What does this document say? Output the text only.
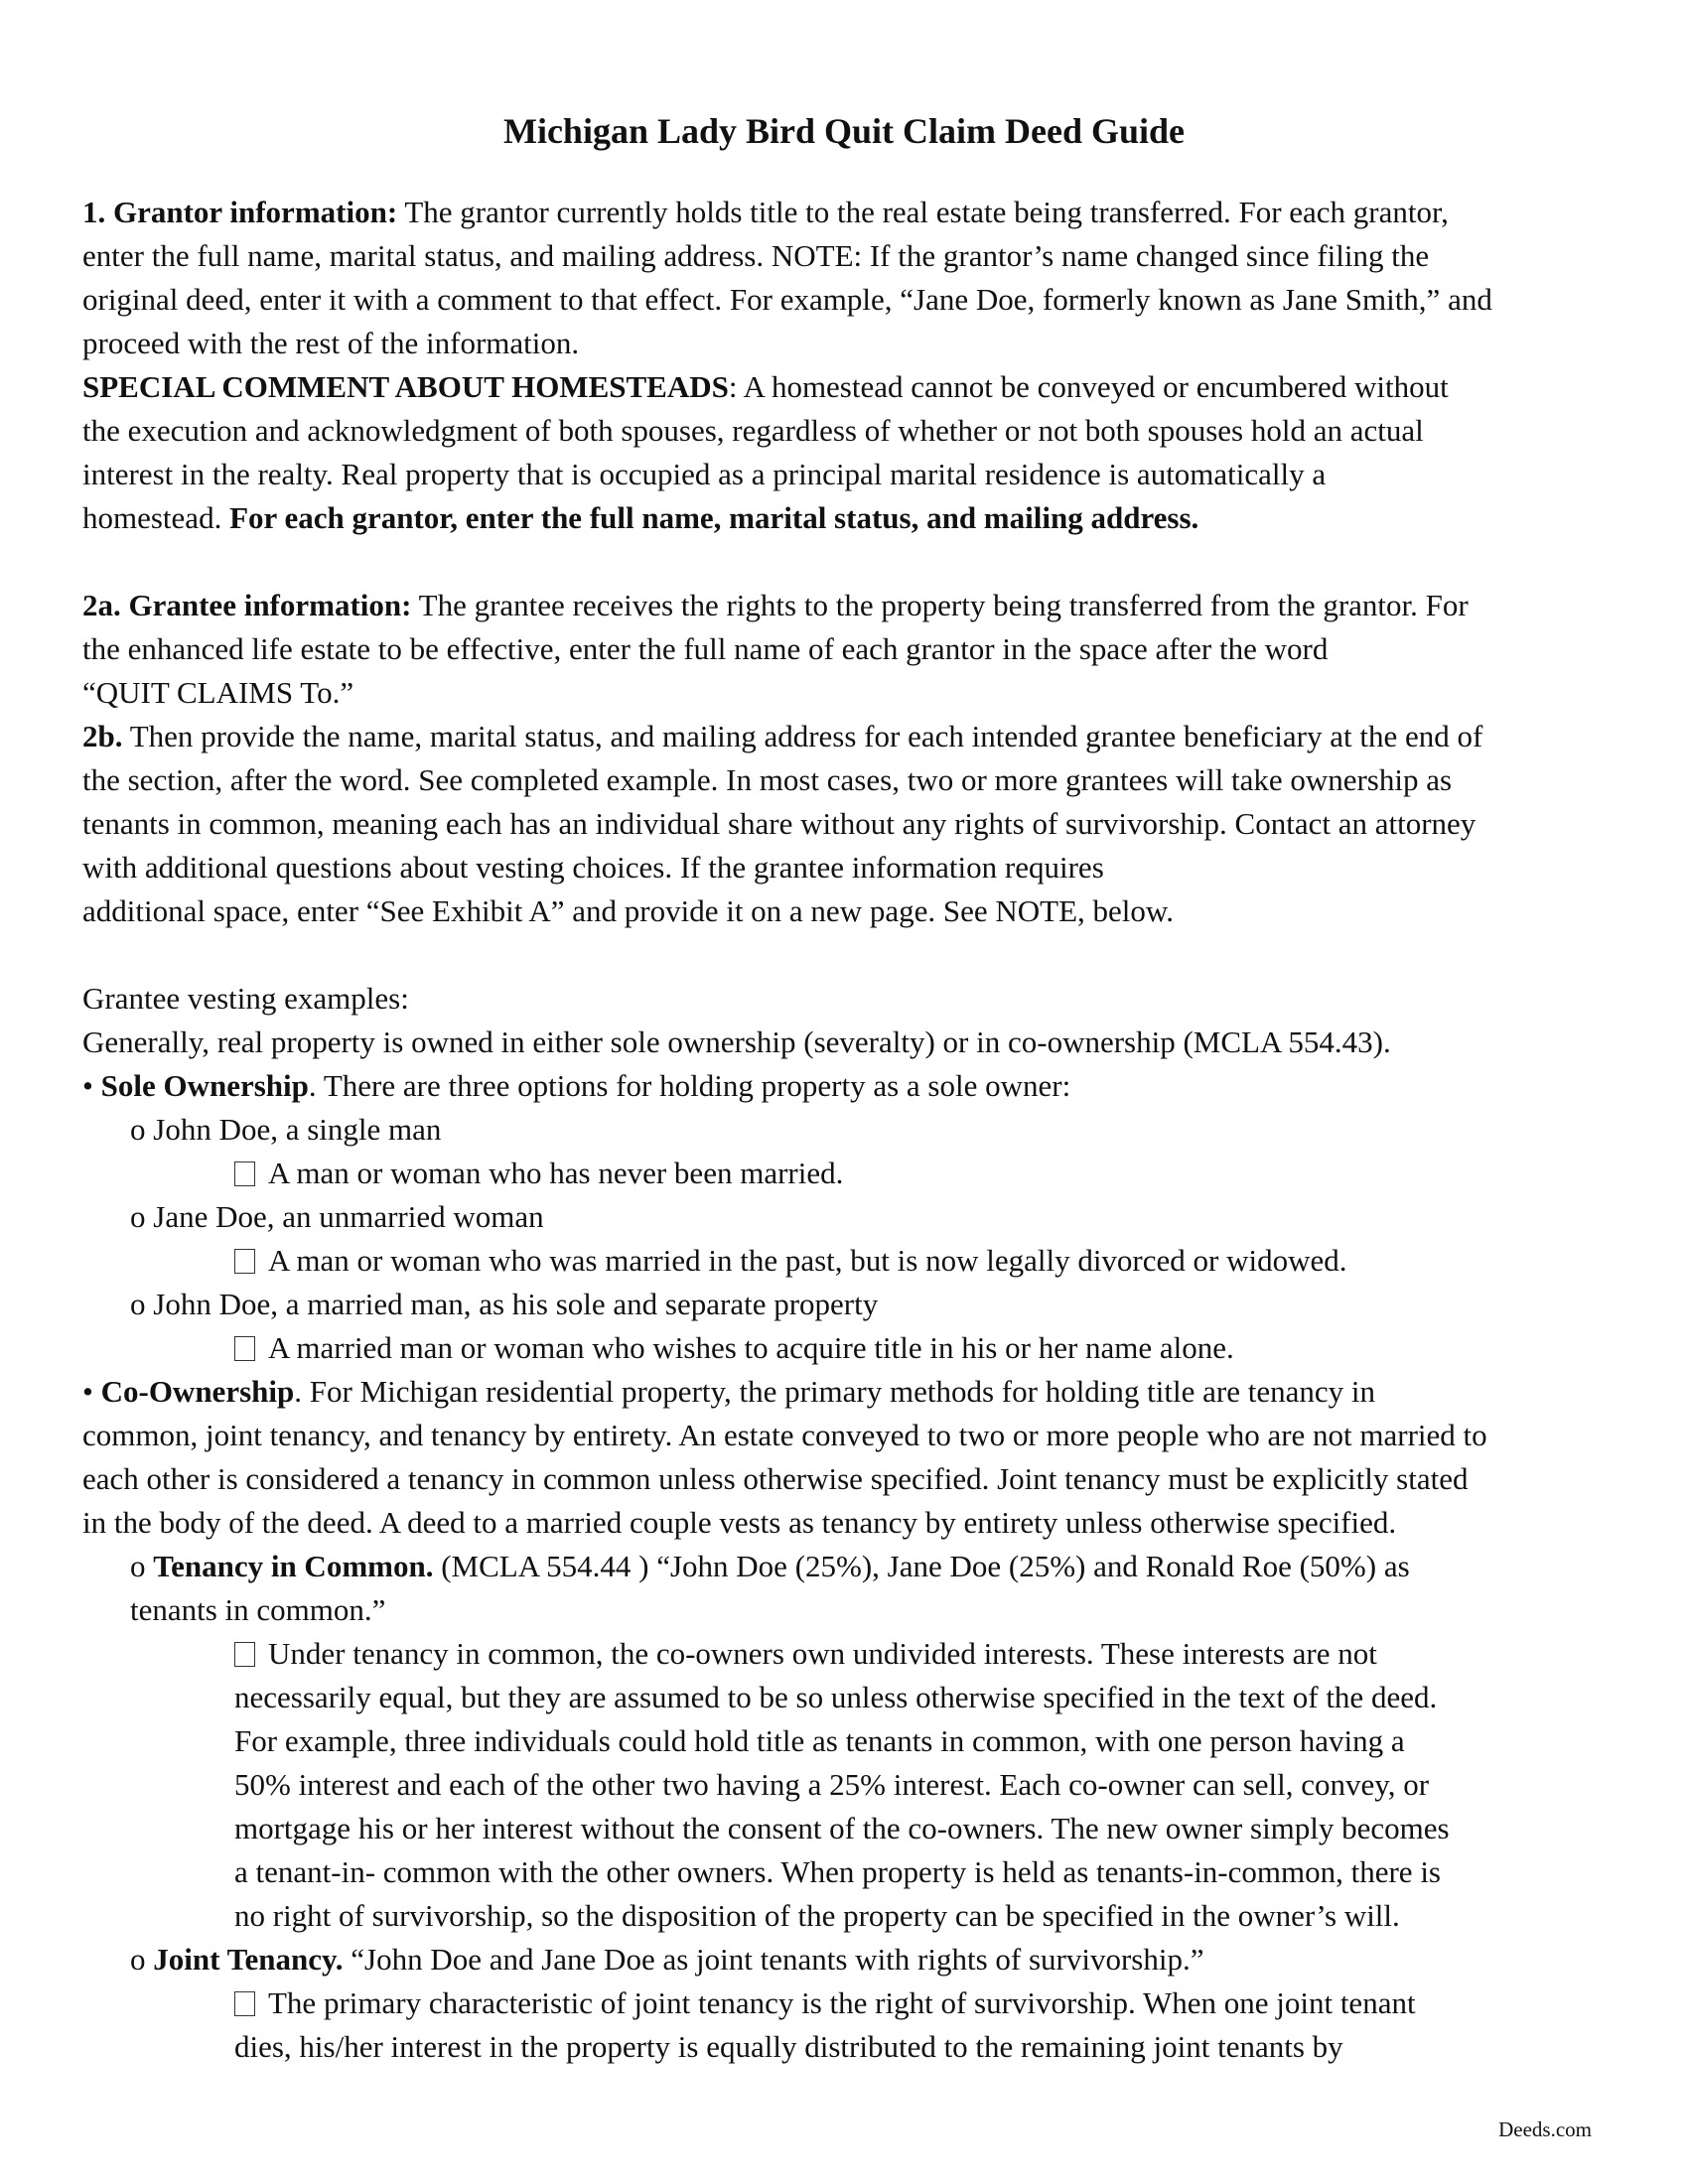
Michigan Lady Bird Quit Claim Deed Guide
1. Grantor information: The grantor currently holds title to the real estate being transferred. For each grantor,
enter the full name, marital status, and mailing address. NOTE: If the grantor’s name changed since filing the
original deed, enter it with a comment to that effect. For example, “Jane Doe, formerly known as Jane Smith,” and
proceed with the rest of the information.
SPECIAL COMMENT ABOUT HOMESTEADS: A homestead cannot be conveyed or encumbered without
the execution and acknowledgment of both spouses, regardless of whether or not both spouses hold an actual
interest in the realty. Real property that is occupied as a principal marital residence is automatically a
homestead. For each grantor, enter the full name, marital status, and mailing address.
2a. Grantee information: The grantee receives the rights to the property being transferred from the grantor. For
the enhanced life estate to be effective, enter the full name of each grantor in the space after the word
“QUIT CLAIMS To.”
2b. Then provide the name, marital status, and mailing address for each intended grantee beneficiary at the end of
the section, after the word. See completed example. In most cases, two or more grantees will take ownership as
tenants in common, meaning each has an individual share without any rights of survivorship. Contact an attorney
with additional questions about vesting choices. If the grantee information requires
additional space, enter “See Exhibit A” and provide it on a new page. See NOTE, below.
Grantee vesting examples:
Generally, real property is owned in either sole ownership (severalty) or in co-ownership (MCLA 554.43).
• Sole Ownership. There are three options for holding property as a sole owner:
o John Doe, a single man
A man or woman who has never been married.
o Jane Doe, an unmarried woman
A man or woman who was married in the past, but is now legally divorced or widowed.
o John Doe, a married man, as his sole and separate property
A married man or woman who wishes to acquire title in his or her name alone.
• Co-Ownership. For Michigan residential property, the primary methods for holding title are tenancy in
common, joint tenancy, and tenancy by entirety. An estate conveyed to two or more people who are not married to
each other is considered a tenancy in common unless otherwise specified. Joint tenancy must be explicitly stated
in the body of the deed. A deed to a married couple vests as tenancy by entirety unless otherwise specified.
o Tenancy in Common. (MCLA 554.44 ) “John Doe (25%), Jane Doe (25%) and Ronald Roe (50%) as
tenants in common.”
Under tenancy in common, the co-owners own undivided interests. These interests are not
necessarily equal, but they are assumed to be so unless otherwise specified in the text of the deed.
For example, three individuals could hold title as tenants in common, with one person having a
50% interest and each of the other two having a 25% interest. Each co-owner can sell, convey, or
mortgage his or her interest without the consent of the co-owners. The new owner simply becomes
a tenant-in- common with the other owners. When property is held as tenants-in-common, there is
no right of survivorship, so the disposition of the property can be specified in the owner’s will.
o Joint Tenancy. “John Doe and Jane Doe as joint tenants with rights of survivorship.”
The primary characteristic of joint tenancy is the right of survivorship. When one joint tenant
dies, his/her interest in the property is equally distributed to the remaining joint tenants by
Deeds.com
